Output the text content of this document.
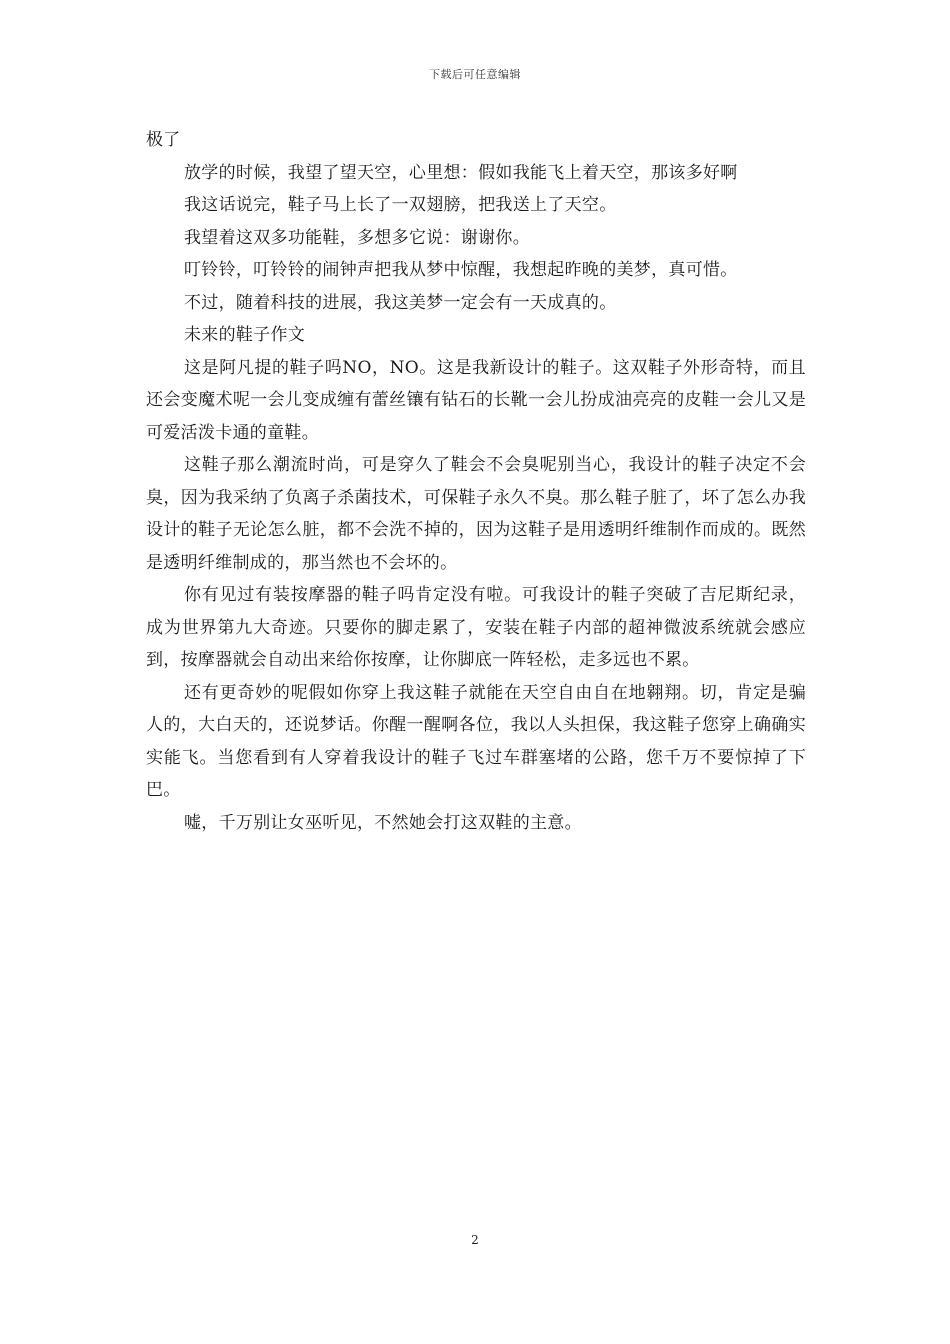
下载后可任意编辑

极了

放学的时候，我望了望天空，心里想：假如我能飞上着天空，那该多好啊

我这话说完，鞋子马上长了一双翅膀，把我送上了天空。

我望着这双多功能鞋，多想多它说：谢谢你。

叮铃铃，叮铃铃的闹钟声把我从梦中惊醒，我想起昨晚的美梦，真可惜。

不过，随着科技的进展，我这美梦一定会有一天成真的。

未来的鞋子作文

这是阿凡提的鞋子吗NO，NO。这是我新设计的鞋子。这双鞋子外形奇特，而且还会变魔术呢一会儿变成缠有蕾丝镶有钻石的长靴一会儿扮成油亮亮的皮鞋一会儿又是可爱活泼卡通的童鞋。

这鞋子那么潮流时尚，可是穿久了鞋会不会臭呢别当心，我设计的鞋子决定不会臭，因为我采纳了负离子杀菌技术，可保鞋子永久不臭。那么鞋子脏了，坏了怎么办我设计的鞋子无论怎么脏，都不会洗不掉的，因为这鞋子是用透明纤维制作而成的。既然是透明纤维制成的，那当然也不会坏的。

你有见过有装按摩器的鞋子吗肯定没有啦。可我设计的鞋子突破了吉尼斯纪录，成为世界第九大奇迹。只要你的脚走累了，安装在鞋子内部的超神微波系统就会感应到，按摩器就会自动出来给你按摩，让你脚底一阵轻松，走多远也不累。

还有更奇妙的呢假如你穿上我这鞋子就能在天空自由自在地翱翔。切，肯定是骗人的，大白天的，还说梦话。你醒一醒啊各位，我以人头担保，我这鞋子您穿上确确实实能飞。当您看到有人穿着我设计的鞋子飞过车群塞堵的公路，您千万不要惊掉了下巴。

嘘，千万别让女巫听见，不然她会打这双鞋的主意。

2
